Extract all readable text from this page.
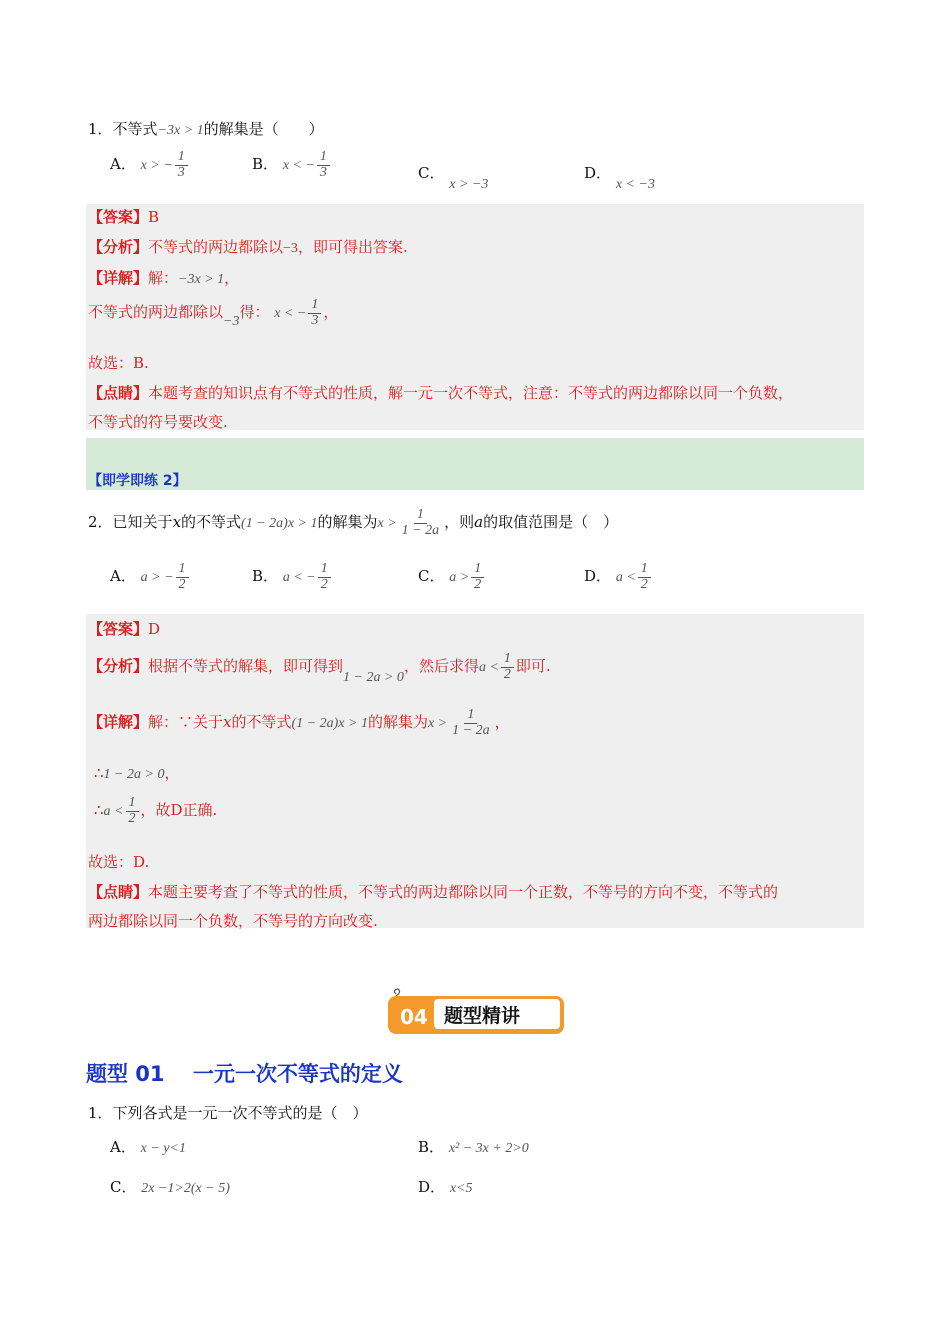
1．不等式−3x > 1的解集是（　　）
A． x > − $\frac{1}{3}$	B． x < − $\frac{1}{3}$	C． x > −3
D． x < −3
【答案】B
【分析】不等式的两边都除以−3，即可得出答案.
【详解】解：−3x > 1，
不等式的两边都除以−3得： x < − $\frac{1}{3}$ ，
故选：B.
【点睛】本题考查的知识点有不等式的性质，解一元一次不等式，注意：不等式的两边都除以同一个负数，
不等式的符号要改变.
【即学即练 2】
2．已知关于x的不等式(1 − 2a)x > 1的解集为$x > \frac{1}{1 - 2a}$ ，则a的取值范围是（　）
A． a > − $\frac{1}{2}$	B． a < − $\frac{1}{2}$	C． $a > \frac{1}{2}$	D． $a < \frac{1}{2}$
【答案】D
【分析】根据不等式的解集，即可得到1 − 2a > 0，然后求得$a < \frac{1}{2}$ 即可.
【详解】解：∵关于x的不等式(1 − 2a)x > 1的解集为$x > \frac{1}{1 - 2a}$ ，
∴1 − 2a > 0，
∴a < $\frac{1}{2}$ ，故D正确.
故选：D.
【点睛】本题主要考查了不等式的性质，不等式的两边都除以同一个正数，不等号的方向不变，不等式的
两边都除以同一个负数，不等号的方向改变.
04 题型精讲
题型 01　 一元一次不等式的定义
1．下列各式是一元一次不等式的是（　）
A． x − y<1	B． x² − 3x + 2>0
C． 2x −1>2(x − 5)	D． x<5
